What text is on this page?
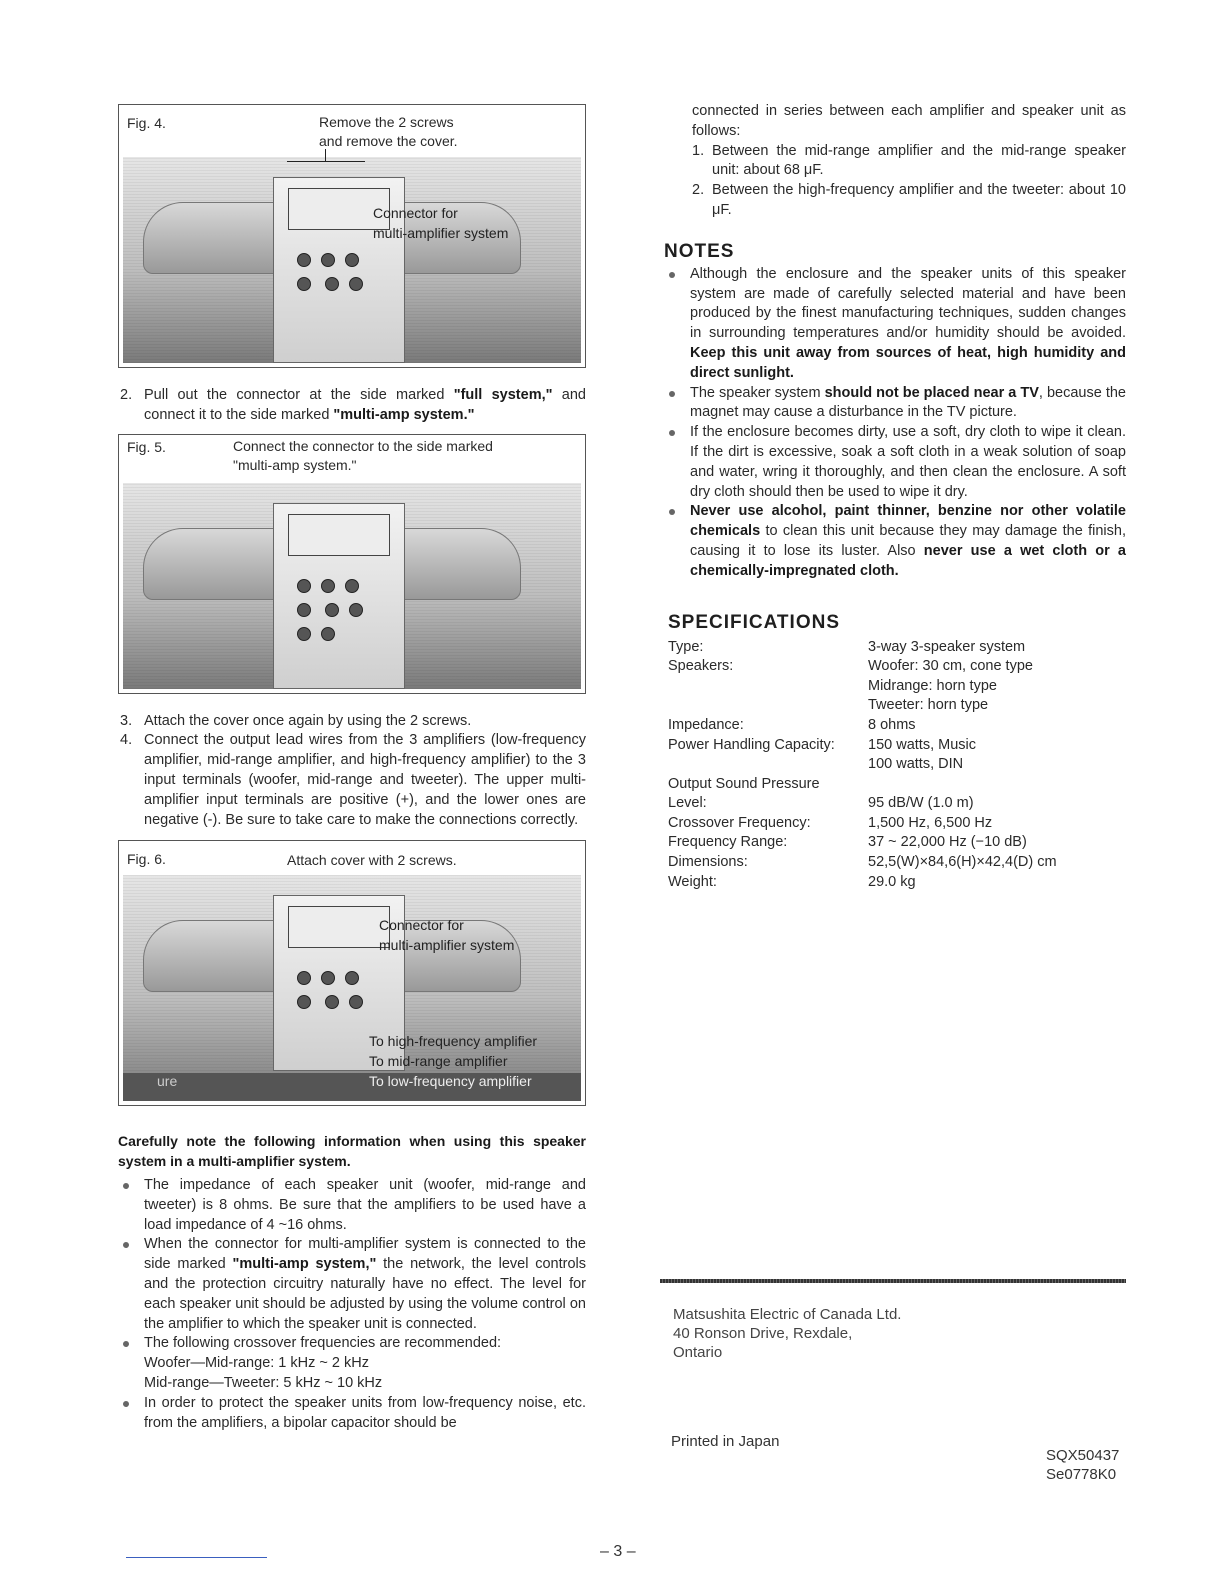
Fig. 4.	Remove the 2 screws
and remove the cover.

Connector for
multi-amplifier system
2. Pull out the connector at the side marked "full system," and connect it to the side marked "multi-amp system."
Fig. 5.	Connect the connector to the side marked
"multi-amp system."

3. Attach the cover once again by using the 2 screws.
4. Connect the output lead wires from the 3 amplifiers (low-frequency amplifier, mid-range amplifier, and high-frequency amplifier) to the 3 input terminals (woofer, mid-range and tweeter). The upper multi-amplifier input terminals are positive (+), and the lower ones are negative (-). Be sure to take care to make the connections correctly.
Fig. 6.	Attach cover with 2 screws.

Connector for
multi-amplifier system
To high-frequency amplifier
To mid-range amplifier
To low-frequency amplifier
ure

Carefully note the following information when using this speaker system in a multi-amplifier system.

The impedance of each speaker unit (woofer, mid-range and tweeter) is 8 ohms. Be sure that the amplifiers to be used have a load impedance of 4 ~16 ohms.
When the connector for multi-amplifier system is connected to the side marked "multi-amp system," the network, the level controls and the protection circuitry naturally have no effect. The level for each speaker unit should be adjusted by using the volume control on the amplifier to which the speaker unit is connected.
The following crossover frequencies are recommended:
Woofer—Mid-range: 1 kHz ~ 2 kHz
Mid-range—Tweeter: 5 kHz ~ 10 kHz
In order to protect the speaker units from low-frequency noise, etc. from the amplifiers, a bipolar capacitor should be

connected in series between each amplifier and speaker unit as follows:

1. Between the mid-range amplifier and the mid-range speaker unit: about 68 μF.
2. Between the high-frequency amplifier and the tweeter: about 10 μF.
NOTES
Although the enclosure and the speaker units of this speaker system are made of carefully selected material and have been produced by the finest manufacturing techniques, sudden changes in surrounding temperatures and/or humidity should be avoided. Keep this unit away from sources of heat, high humidity and direct sunlight.
The speaker system should not be placed near a TV, because the magnet may cause a disturbance in the TV picture.
If the enclosure becomes dirty, use a soft, dry cloth to wipe it clean. If the dirt is excessive, soak a soft cloth in a weak solution of soap and water, wring it thoroughly, and then clean the enclosure. A soft dry cloth should then be used to wipe it dry.
Never use alcohol, paint thinner, benzine nor other volatile chemicals to clean this unit because they may damage the finish, causing it to lose its luster. Also never use a wet cloth or a chemically-impregnated cloth.
SPECIFICATIONS
Type:	3-way 3-speaker system
Speakers:	Woofer: 30 cm, cone type
	Midrange: horn type
	Tweeter: horn type
Impedance:	8 ohms
Power Handling Capacity:	150 watts, Music
	100 watts, DIN
Output Sound Pressure	
Level:	95 dB/W (1.0 m)
Crossover Frequency:	1,500 Hz, 6,500 Hz
Frequency Range:	37 ~ 22,000 Hz (−10 dB)
Dimensions:	52,5(W)×84,6(H)×42,4(D) cm
Weight:	29.0 kg
Matsushita Electric of Canada Ltd.
40 Ronson Drive, Rexdale,
Ontario
Printed in Japan
SQX50437
Se0778K0
– 3 –
